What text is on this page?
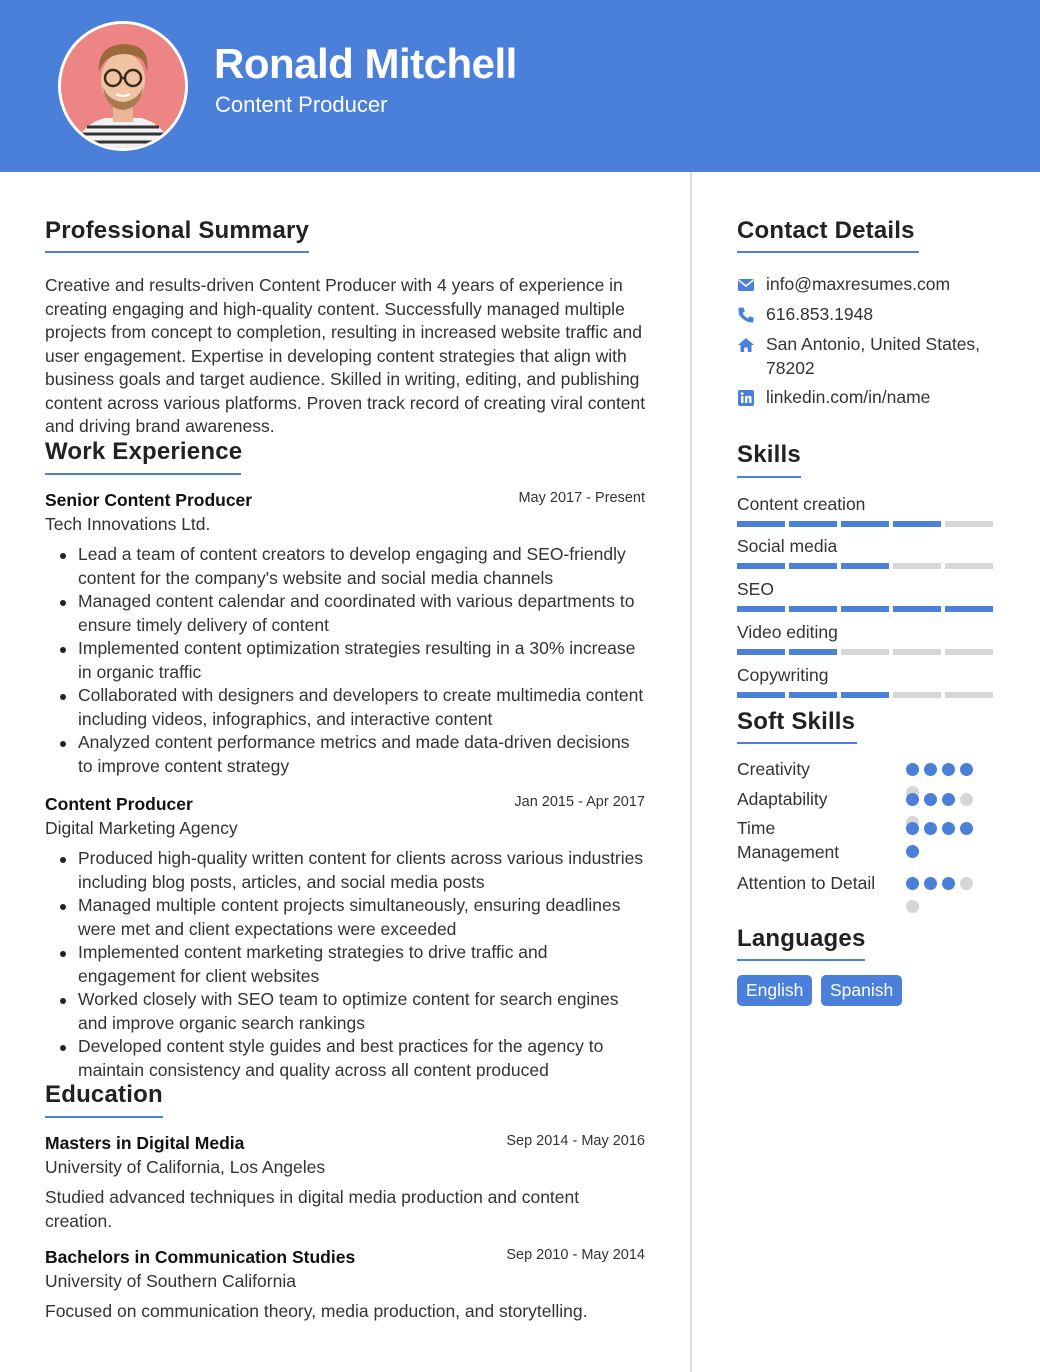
Ronald Mitchell
Content Producer
Professional Summary
Creative and results-driven Content Producer with 4 years of experience in creating engaging and high-quality content. Successfully managed multiple projects from concept to completion, resulting in increased website traffic and user engagement. Expertise in developing content strategies that align with business goals and target audience. Skilled in writing, editing, and publishing content across various platforms. Proven track record of creating viral content and driving brand awareness.
Work Experience
Senior Content Producer	May 2017 - Present
Tech Innovations Ltd.
Lead a team of content creators to develop engaging and SEO-friendly content for the company's website and social media channels
Managed content calendar and coordinated with various departments to ensure timely delivery of content
Implemented content optimization strategies resulting in a 30% increase in organic traffic
Collaborated with designers and developers to create multimedia content including videos, infographics, and interactive content
Analyzed content performance metrics and made data-driven decisions to improve content strategy
Content Producer	Jan 2015 - Apr 2017
Digital Marketing Agency
Produced high-quality written content for clients across various industries including blog posts, articles, and social media posts
Managed multiple content projects simultaneously, ensuring deadlines were met and client expectations were exceeded
Implemented content marketing strategies to drive traffic and engagement for client websites
Worked closely with SEO team to optimize content for search engines and improve organic search rankings
Developed content style guides and best practices for the agency to maintain consistency and quality across all content produced
Education
Masters in Digital Media	Sep 2014 - May 2016
University of California, Los Angeles
Studied advanced techniques in digital media production and content creation.
Bachelors in Communication Studies	Sep 2010 - May 2014
University of Southern California
Focused on communication theory, media production, and storytelling.
Contact Details
info@maxresumes.com
616.853.1948
San Antonio, United States, 78202
linkedin.com/in/name
Skills
Content creation
Social media
SEO
Video editing
Copywriting
Soft Skills
Creativity
Adaptability
Time Management
Attention to Detail
Languages
English	Spanish
